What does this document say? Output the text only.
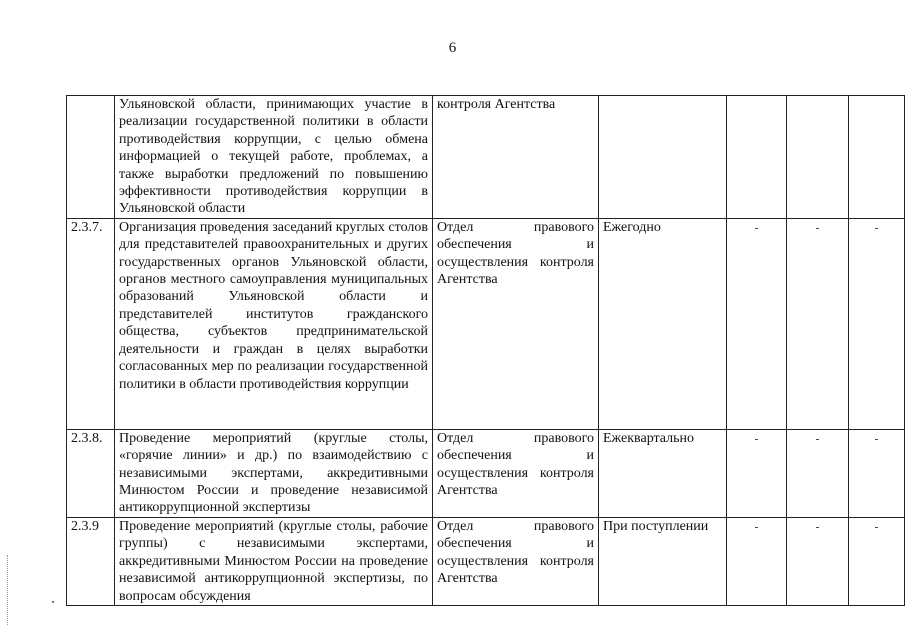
6
	Ульяновской области, принимающих участие в реализации государственной политики в области противодействия коррупции, с целью обмена информацией о текущей работе, проблемах, а также выработки предложений по повышению эффективности противодействия коррупции в Ульяновской области	контроля Агентства				
2.3.7.	Организация проведения заседаний круглых столов для представителей правоохранительных и других государственных органов Ульяновской области, органов местного самоуправления муниципальных образований Ульяновской области и представителей институтов гражданского общества, субъектов предпринимательской деятельности и граждан в целях выработки согласованных мер по реализации государственной политики в области противодействия коррупции	Отдел правового обеспечения и осуществления контроля Агентства	Ежегодно	-	-	-
2.3.8.	Проведение мероприятий (круглые столы, «горячие линии» и др.) по взаимодействию с независимыми экспертами, аккредитивными Минюстом России и проведение независимой антикоррупционной экспертизы	Отдел правового обеспечения и осуществления контроля Агентства	Ежеквартально	-	-	-
2.3.9	Проведение мероприятий (круглые столы, рабочие группы) с независимыми экспертами, аккредитивными Минюстом России на проведение независимой антикоррупционной экспертизы, по вопросам обсуждения	Отдел правового обеспечения и осуществления контроля Агентства	При поступлении	-	-	-
